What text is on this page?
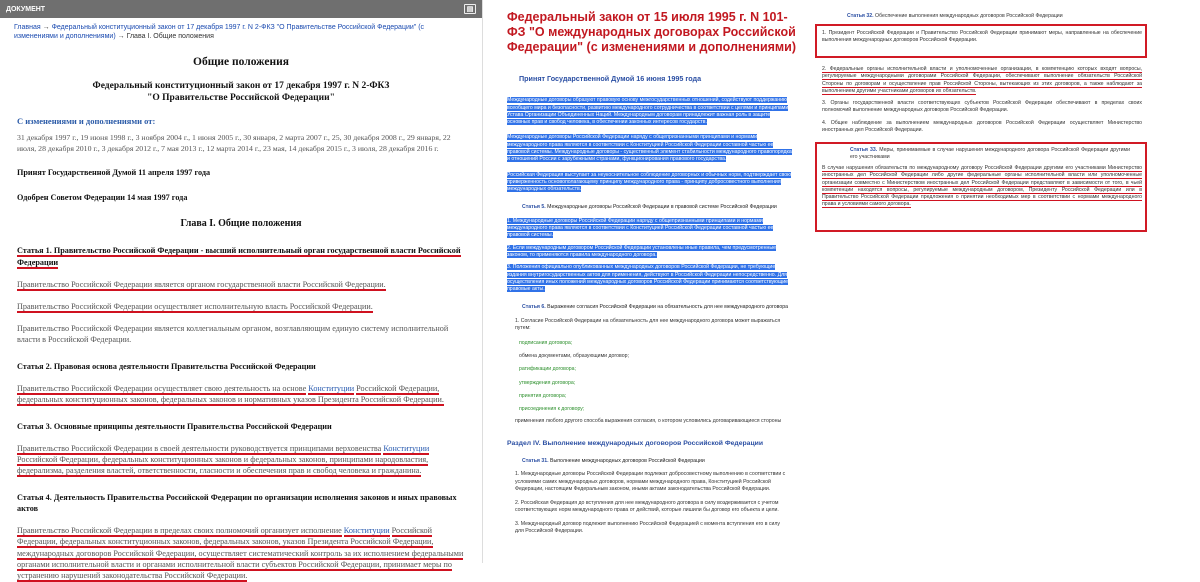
ДОКУМЕНТ	▤
Главная → Федеральный конституционный закон от 17 декабря 1997 г. N 2-ФКЗ "О Правительстве Российской Федерации" (с изменениями и дополнениями) → Глава I. Общие положения
Общие положения
Федеральный конституционный закон от 17 декабря 1997 г. N 2-ФКЗ
"О Правительстве Российской Федерации"
С изменениями и дополнениями от:
31 декабря 1997 г., 19 июня 1998 г., 3 ноября 2004 г., 1 июня 2005 г., 30 января, 2 марта 2007 г., 25, 30 декабря 2008 г., 29 января, 22 июля, 28 декабря 2010 г., 3 декабря 2012 г., 7 мая 2013 г., 12 марта 2014 г., 23 мая, 14 декабря 2015 г., 3 июля, 28 декабря 2016 г.
Принят Государственной Думой 11 апреля 1997 года
Одобрен Советом Федерации 14 мая 1997 года
Глава I. Общие положения
Статья 1. Правительство Российской Федерации - высший исполнительный орган государственной власти Российской Федерации

Правительство Российской Федерации является органом государственной власти Российской Федерации.

Правительство Российской Федерации осуществляет исполнительную власть Российской Федерации.

Правительство Российской Федерации является коллегиальным органом, возглавляющим единую систему исполнительной власти в Российской Федерации.

Статья 2. Правовая основа деятельности Правительства Российской Федерации

Правительство Российской Федерации осуществляет свою деятельность на основе Конституции Российской Федерации, федеральных конституционных законов, федеральных законов и нормативных указов Президента Российской Федерации.

Статья 3. Основные принципы деятельности Правительства Российской Федерации

Правительство Российской Федерации в своей деятельности руководствуется принципами верховенства Конституции Российской Федерации, федеральных конституционных законов и федеральных законов, принципами народовластия, федерализма, разделения властей, ответственности, гласности и обеспечения прав и свобод человека и гражданина.

Статья 4. Деятельность Правительства Российской Федерации по организации исполнения законов и иных правовых актов

Правительство Российской Федерации в пределах своих полномочий организует исполнение Конституции Российской Федерации, федеральных конституционных законов, федеральных законов, указов Президента Российской Федерации, международных договоров Российской Федерации, осуществляет систематический контроль за их исполнением федеральными органами исполнительной власти и органами исполнительной власти субъектов Российской Федерации, принимает меры по устранению нарушений законодательства Российской Федерации.

Федеральный закон от 15 июля 1995 г. N 101-ФЗ "О международных договорах Российской Федерации" (с изменениями и дополнениями)
Принят Государственной Думой 16 июня 1995 года
Международные договоры образуют правовую основу межгосударственных отношений, содействуют поддержанию всеобщего мира и безопасности, развитию международного сотрудничества в соответствии с целями и принципами Устава Организации Объединенных Наций. Международным договорам принадлежит важная роль в защите основных прав и свобод человека, в обеспечении законных интересов государств.
Международные договоры Российской Федерации наряду с общепризнанными принципами и нормами международного права являются в соответствии с Конституцией Российской Федерации составной частью ее правовой системы. Международные договоры - существенный элемент стабильности международного правопорядка и отношений России с зарубежными странами, функционирования правового государства.
Российская Федерация выступает за неукоснительное соблюдение договорных и обычных норм, подтверждает свою приверженность основополагающему принципу международного права - принципу добросовестного выполнения международных обязательств.
Статья 5. Международные договоры Российской Федерации в правовой системе Российской Федерации
1. Международные договоры Российской Федерации наряду с общепризнанными принципами и нормами международного права являются в соответствии с Конституцией Российской Федерации составной частью ее правовой системы.
2. Если международным договором Российской Федерации установлены иные правила, чем предусмотренные законом, то применяются правила международного договора.
3. Положения официально опубликованных международных договоров Российской Федерации, не требующие издания внутригосударственных актов для применения, действуют в Российской Федерации непосредственно. Для осуществления иных положений международных договоров Российской Федерации принимаются соответствующие правовые акты.
Статья 6. Выражение согласия Российской Федерации на обязательность для нее международного договора
1. Согласие Российской Федерации на обязательность для нее международного договора может выражаться путем:
подписания договора;
обмена документами, образующими договор;
ратификации договора;
утверждения договора;
принятия договора;
присоединения к договору;
применения любого другого способа выражения согласия, о котором условились договаривающиеся стороны
Раздел IV. Выполнение международных договоров Российской Федерации
Статья 31. Выполнение международных договоров Российской Федерации
1. Международные договоры Российской Федерации подлежат добросовестному выполнению в соответствии с условиями самих международных договоров, нормами международного права, Конституцией Российской Федерации, настоящим Федеральным законом, иными актами законодательства Российской Федерации.
2. Российская Федерация до вступления для нее международного договора в силу воздерживается с учетом соответствующих норм международного права от действий, которые лишили бы договор его объекта и цели.
3. Международный договор подлежит выполнению Российской Федерацией с момента вступления его в силу для Российской Федерации.
Статья 32. Обеспечение выполнения международных договоров Российской Федерации
1. Президент Российской Федерации и Правительство Российской Федерации принимают меры, направленные на обеспечение выполнения международных договоров Российской Федерации.
2. Федеральные органы исполнительной власти и уполномоченные организации, в компетенцию которых входят вопросы, регулируемые международными договорами Российской Федерации, обеспечивают выполнение обязательств Российской Стороны по договорам и осуществление прав Российской Стороны, вытекающих из этих договоров, а также наблюдают за выполнением другими участниками договоров их обязательств.
3. Органы государственной власти соответствующих субъектов Российской Федерации обеспечивают в пределах своих полномочий выполнение международных договоров Российской Федерации.
4. Общее наблюдение за выполнением международных договоров Российской Федерации осуществляет Министерство иностранных дел Российской Федерации.
Статья 33. Меры, принимаемые в случае нарушения международного договора Российской Федерации другими его участниками
В случае нарушения обязательств по международному договору Российской Федерации другими его участниками Министерство иностранных дел Российской Федерации либо другие федеральные органы исполнительной власти или уполномоченные организации совместно с Министерством иностранных дел Российской Федерации представляют в зависимости от того, в чьей компетенции находятся вопросы, регулируемые международным договором, Президенту Российской Федерации или в Правительство Российской Федерации предложения о принятии необходимых мер в соответствии с нормами международного права и условиями самого договора.
